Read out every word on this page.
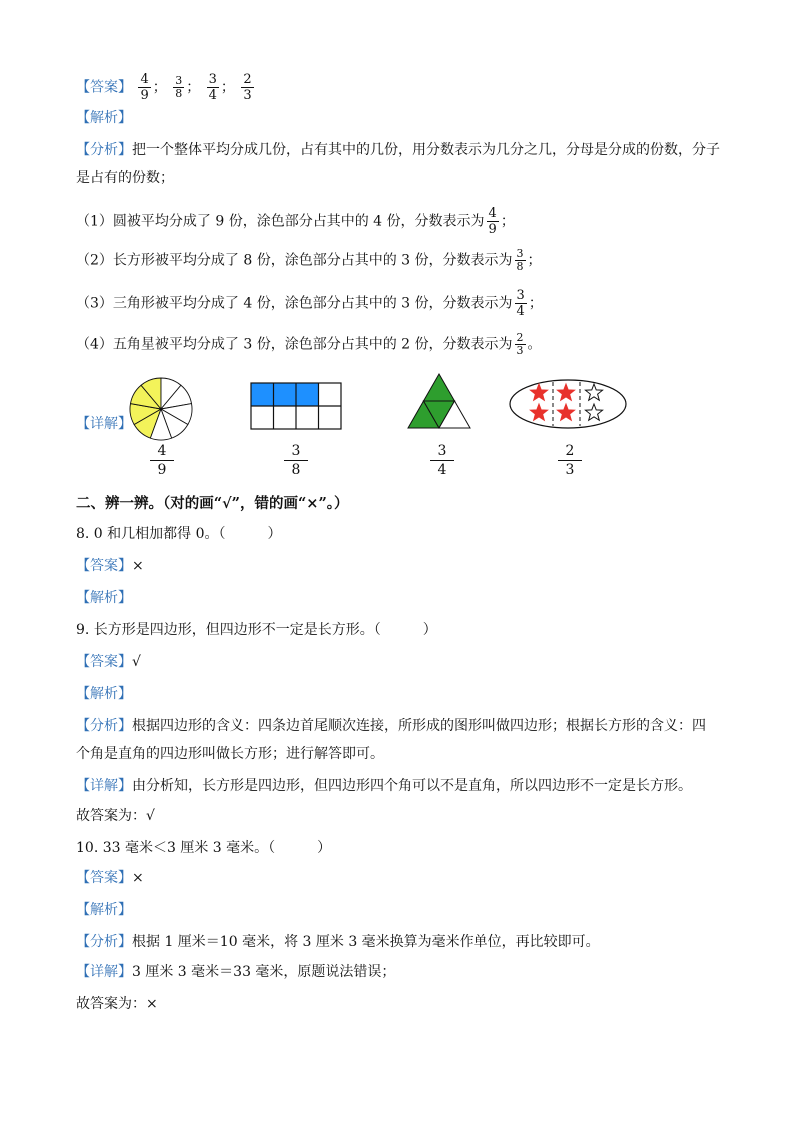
【答案】 $\frac{4}{9}$ ； $\frac{3}{8}$ ； $\frac{3}{4}$ ； $\frac{2}{3}$
【解析】
【分析】把一个整体平均分成几份，占有其中的几份，用分数表示为几分之几，分母是分成的份数，分子
是占有的份数；
（1）圆被平均分成了 9 份，涂色部分占其中的 4 份，分数表示为 $\frac{4}{9}$ ；
（2）长方形被平均分成了 8 份，涂色部分占其中的 3 份，分数表示为 $\frac{3}{8}$ ；
（3）三角形被平均分成了 4 份，涂色部分占其中的 3 份，分数表示为 $\frac{3}{4}$ ；
（4）五角星被平均分成了 3 份，涂色部分占其中的 2 份，分数表示为 $\frac{2}{3}$ 。
【详解】
$\frac{4}{9}$	$\frac{3}{8}$	$\frac{3}{4}$	$\frac{2}{3}$
二、辨一辨。（对的画“√”，错的画“×”。）
8. 0 和几相加都得 0。（　　　）
【答案】×
【解析】
9. 长方形是四边形，但四边形不一定是长方形。（　　　）
【答案】√
【解析】
【分析】根据四边形的含义：四条边首尾顺次连接，所形成的图形叫做四边形；根据长方形的含义：四
个角是直角的四边形叫做长方形；进行解答即可。
【详解】由分析知，长方形是四边形，但四边形四个角可以不是直角，所以四边形不一定是长方形。
故答案为：√
10. 33 毫米＜3 厘米 3 毫米。（　　　）
【答案】×
【解析】
【分析】根据 1 厘米＝10 毫米，将 3 厘米 3 毫米换算为毫米作单位，再比较即可。
【详解】3 厘米 3 毫米＝33 毫米，原题说法错误；
故答案为：×
